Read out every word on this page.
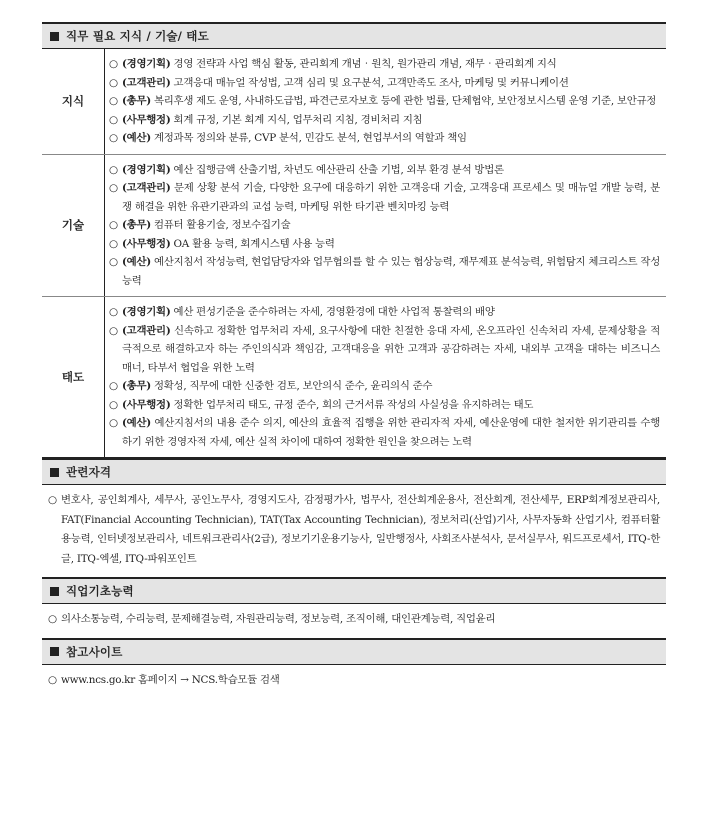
직무 필요 지식 / 기술/ 태도
지식
○ (경영기획) 경영 전략과 사업 핵심 활동, 관리회계 개념‧원칙, 원가관리 개념, 재무‧관리회계 지식
○ (고객관리) 고객응대 매뉴얼 작성법, 고객 심리 및 요구분석, 고객만족도 조사, 마케팅 및 커뮤니케이션
○ (총무) 복리후생 제도 운영, 사내하도급법, 파견근로자보호 등에 관한 법률, 단체협약, 보안정보시스템 운영 기준, 보안규정
○ (사무행정) 회계 규정, 기본 회계 지식, 업무처리 지침, 경비처리 지침
○ (예산) 계정과목 정의와 분류, CVP 분석, 민감도 분석, 현업부서의 역할과 책임
기술
○ (경영기획) 예산 집행금액 산출기법, 차년도 예산관리 산출 기법, 외부 환경 분석 방법론
○ (고객관리) 문제 상황 분석 기술, 다양한 요구에 대응하기 위한 고객응대 기술, 고객응대 프로세스 및 매뉴얼 개발 능력, 분쟁 해결을 위한 유관기관과의 교섭 능력, 마케팅 위한 타기관 벤치마킹 능력
○ (총무) 컴퓨터 활용기술, 정보수집기술
○ (사무행정) OA 활용 능력, 회계시스템 사용 능력
○ (예산) 예산지침서 작성능력, 현업담당자와 업무협의를 할 수 있는 협상능력, 재무제표 분석능력, 위험탐지 체크리스트 작성 능력
태도
○ (경영기획) 예산 편성기준을 준수하려는 자세, 경영환경에 대한 사업적 통찰력의 배양
○ (고객관리) 신속하고 정확한 업무처리 자세, 요구사항에 대한 친절한 응대 자세, 온오프라인 신속처리 자세, 문제상황을 적극적으로 해결하고자 하는 주인의식과 책임감, 고객대응을 위한 고객과 공감하려는 자세, 내외부 고객을 대하는 비즈니스 매너, 타부서 협업을 위한 노력
○ (총무) 정확성, 직무에 대한 신중한 검토, 보안의식 준수, 윤리의식 준수
○ (사무행정) 정확한 업무처리 태도, 규정 준수, 회의 근거서류 작성의 사실성을 유지하려는 태도
○ (예산) 예산지침서의 내용 준수 의지, 예산의 효율적 집행을 위한 관리자적 자세, 예산운영에 대한 철저한 위기관리를 수행하기 위한 경영자적 자세, 예산 실적 차이에 대하여 정확한 원인을 찾으려는 노력
관련자격
○ 변호사, 공인회계사, 세무사, 공인노무사, 경영지도사, 감정평가사, 법무사, 전산회계운용사, 전산회계, 전산세무, ERP회계정보관리사, FAT(Financial Accounting Technician), TAT(Tax Accounting Technician), 정보처리(산업)기사, 사무자동화 산업기사, 컴퓨터활용능력, 인터넷정보관리사, 네트워크관리사(2급), 정보기기운용기능사, 일반행정사, 사회조사분석사, 문서실무사, 워드프로세서, ITQ-한글, ITQ-엑셀, ITQ-파워포인트
직업기초능력
○ 의사소통능력, 수리능력, 문제해결능력, 자원관리능력, 정보능력, 조직이해, 대인관계능력, 직업윤리
참고사이트
○ www.ncs.go.kr 홈페이지 → NCS.학습모듈 검색
